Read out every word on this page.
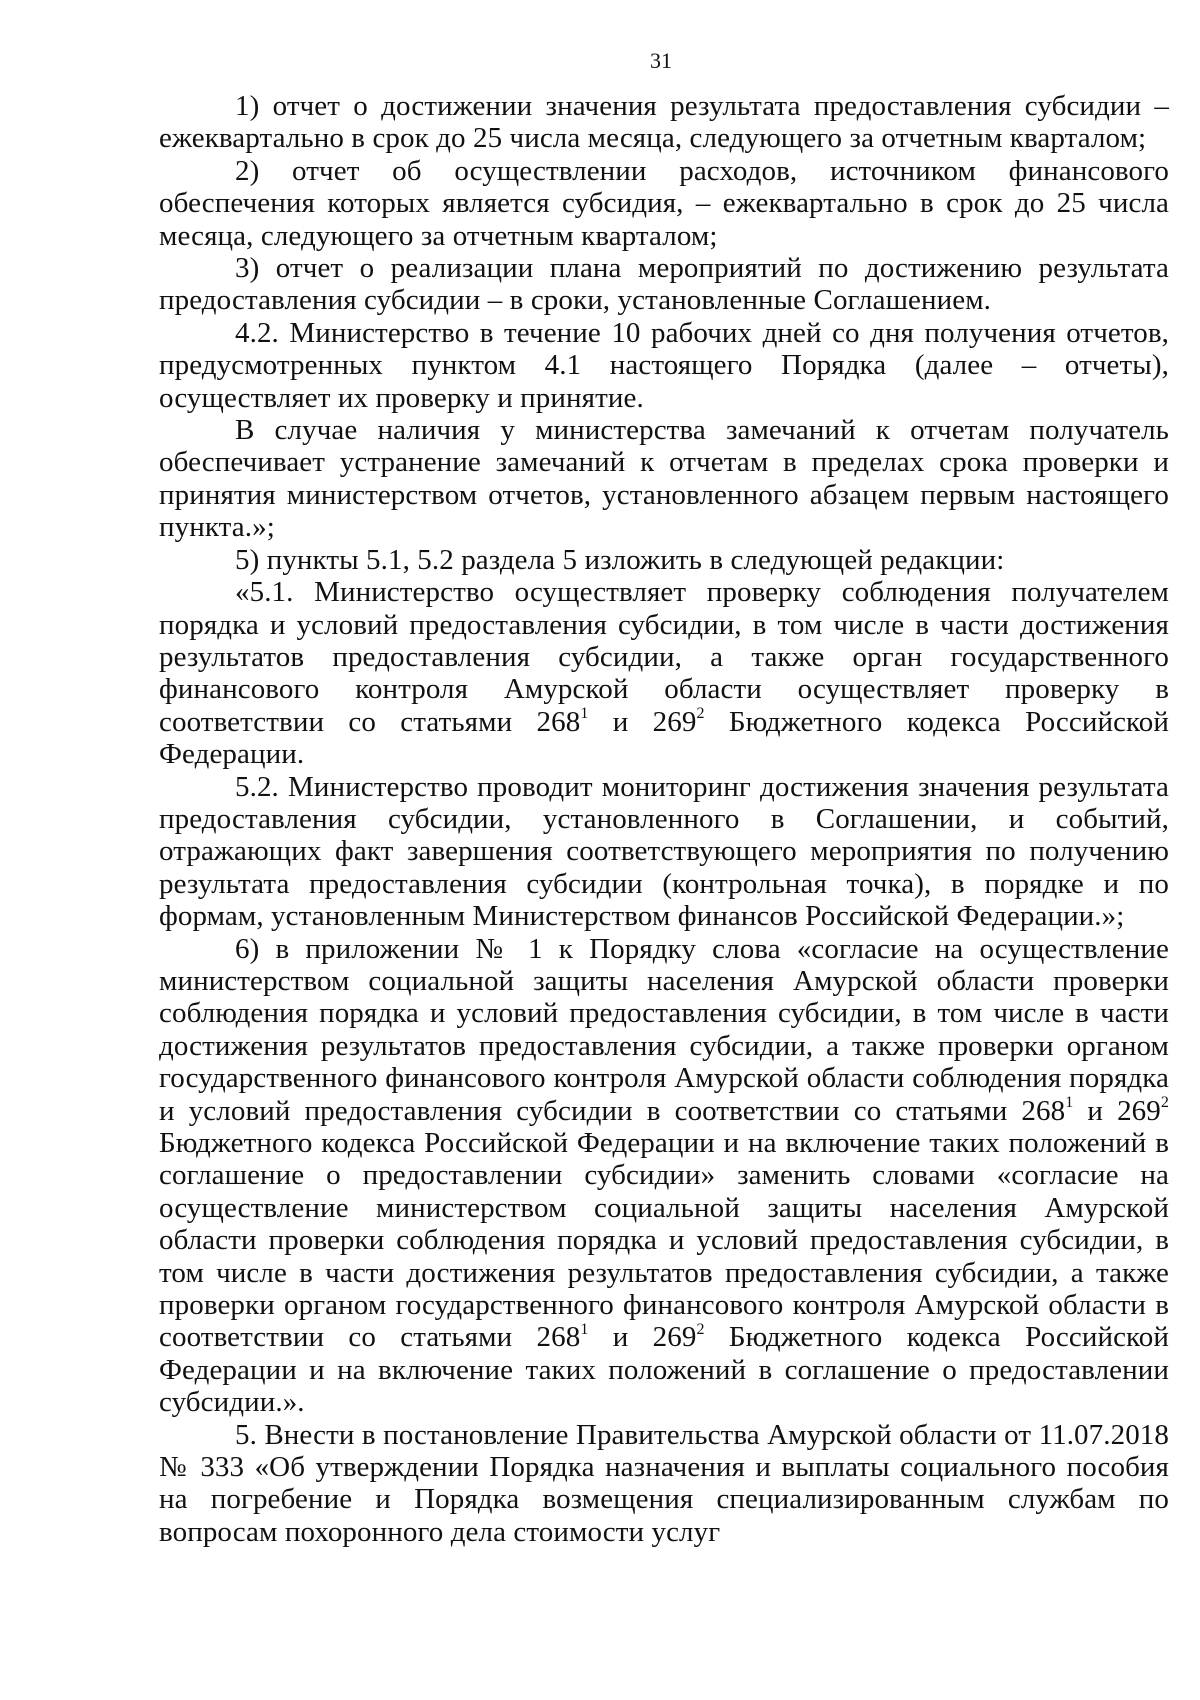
31

1) отчет о достижении значения результата предоставления субсидии – ежеквартально в срок до 25 числа месяца, следующего за отчетным кварталом;

2) отчет об осуществлении расходов, источником финансового обеспечения которых является субсидия, – ежеквартально в срок до 25 числа месяца, следующего за отчетным кварталом;

3) отчет о реализации плана мероприятий по достижению результата предоставления субсидии – в сроки, установленные Соглашением.

4.2. Министерство в течение 10 рабочих дней со дня получения отчетов, предусмотренных пунктом 4.1 настоящего Порядка (далее – отчеты), осуществляет их проверку и принятие.

В случае наличия у министерства замечаний к отчетам получатель обеспечивает устранение замечаний к отчетам в пределах срока проверки и принятия министерством отчетов, установленного абзацем первым настоящего пункта.»;

5) пункты 5.1, 5.2 раздела 5 изложить в следующей редакции:

«5.1. Министерство осуществляет проверку соблюдения получателем порядка и условий предоставления субсидии, в том числе в части достижения результатов предоставления субсидии, а также орган государственного финансового контроля Амурской области осуществляет проверку в соответствии со статьями $268^1$ и $269^2$ Бюджетного кодекса Российской Федерации.

5.2. Министерство проводит мониторинг достижения значения результата предоставления субсидии, установленного в Соглашении, и событий, отражающих факт завершения соответствующего мероприятия по получению результата предоставления субсидии (контрольная точка), в порядке и по формам, установленным Министерством финансов Российской Федерации.»;

6) в приложении № 1 к Порядку слова «согласие на осуществление министерством социальной защиты населения Амурской области проверки соблюдения порядка и условий предоставления субсидии, в том числе в части достижения результатов предоставления субсидии, а также проверки органом государственного финансового контроля Амурской области соблюдения порядка и условий предоставления субсидии в соответствии со статьями $268^1$ и $269^2$ Бюджетного кодекса Российской Федерации и на включение таких положений в соглашение о предоставлении субсидии» заменить словами «согласие на осуществление министерством социальной защиты населения Амурской области проверки соблюдения порядка и условий предоставления субсидии, в том числе в части достижения результатов предоставления субсидии, а также проверки органом государственного финансового контроля Амурской области в соответствии со статьями $268^1$ и $269^2$ Бюджетного кодекса Российской Федерации и на включение таких положений в соглашение о предоставлении субсидии.».

5. Внести в постановление Правительства Амурской области от 11.07.2018 № 333 «Об утверждении Порядка назначения и выплаты социального пособия на погребение и Порядка возмещения специализированным службам по вопросам похоронного дела стоимости услуг
